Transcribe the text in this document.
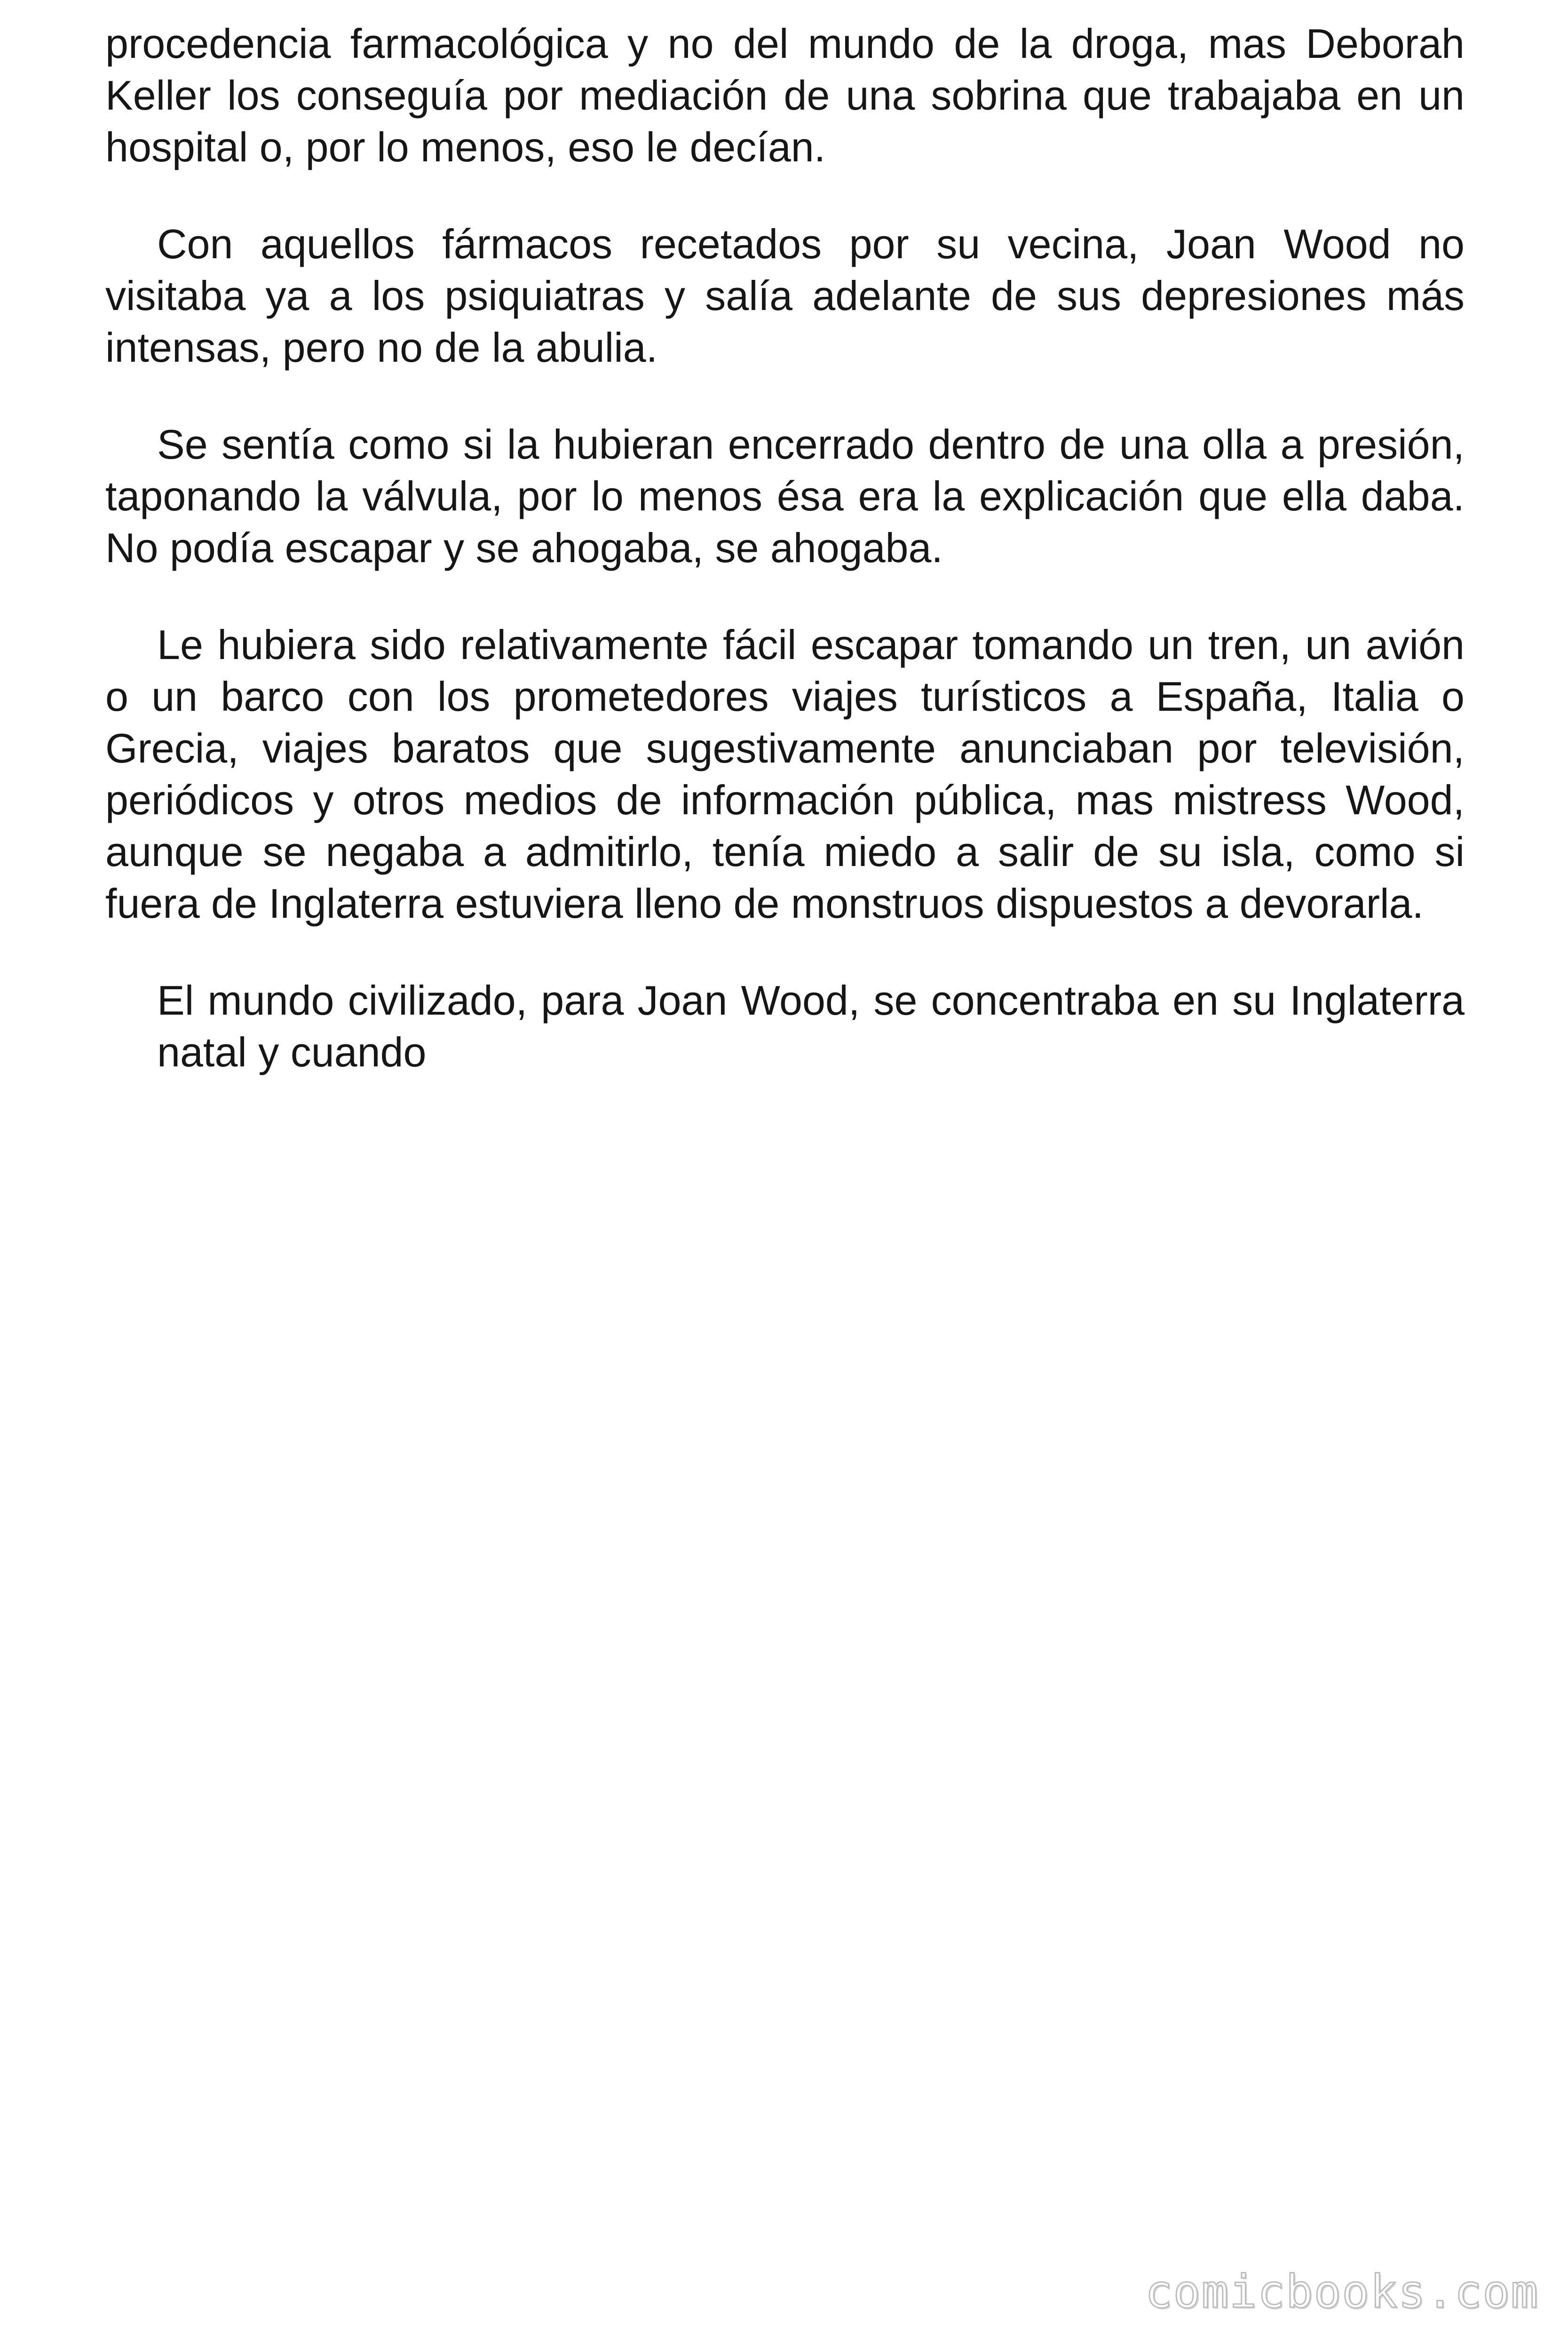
procedencia farmacológica y no del mundo de la droga, mas Deborah Keller los conseguía por mediación de una sobrina que trabajaba en un hospital o, por lo menos, eso le decían.

Con aquellos fármacos recetados por su vecina, Joan Wood no visitaba ya a los psiquiatras y salía adelante de sus depresiones más intensas, pero no de la abulia.

Se sentía como si la hubieran encerrado dentro de una olla a presión, taponando la válvula, por lo menos ésa era la explicación que ella daba. No podía escapar y se ahogaba, se ahogaba.

Le hubiera sido relativamente fácil escapar tomando un tren, un avión o un barco con los prometedores viajes turísticos a España, Italia o Grecia, viajes baratos que sugestivamente anunciaban por televisión, periódicos y otros medios de información pública, mas mistress Wood, aunque se negaba a admitirlo, tenía miedo a salir de su isla, como si fuera de Inglaterra estuviera lleno de monstruos dispuestos a devorarla.

El mundo civilizado, para Joan Wood, se concentraba en su Inglaterra natal y cuando

comicbooks.com
